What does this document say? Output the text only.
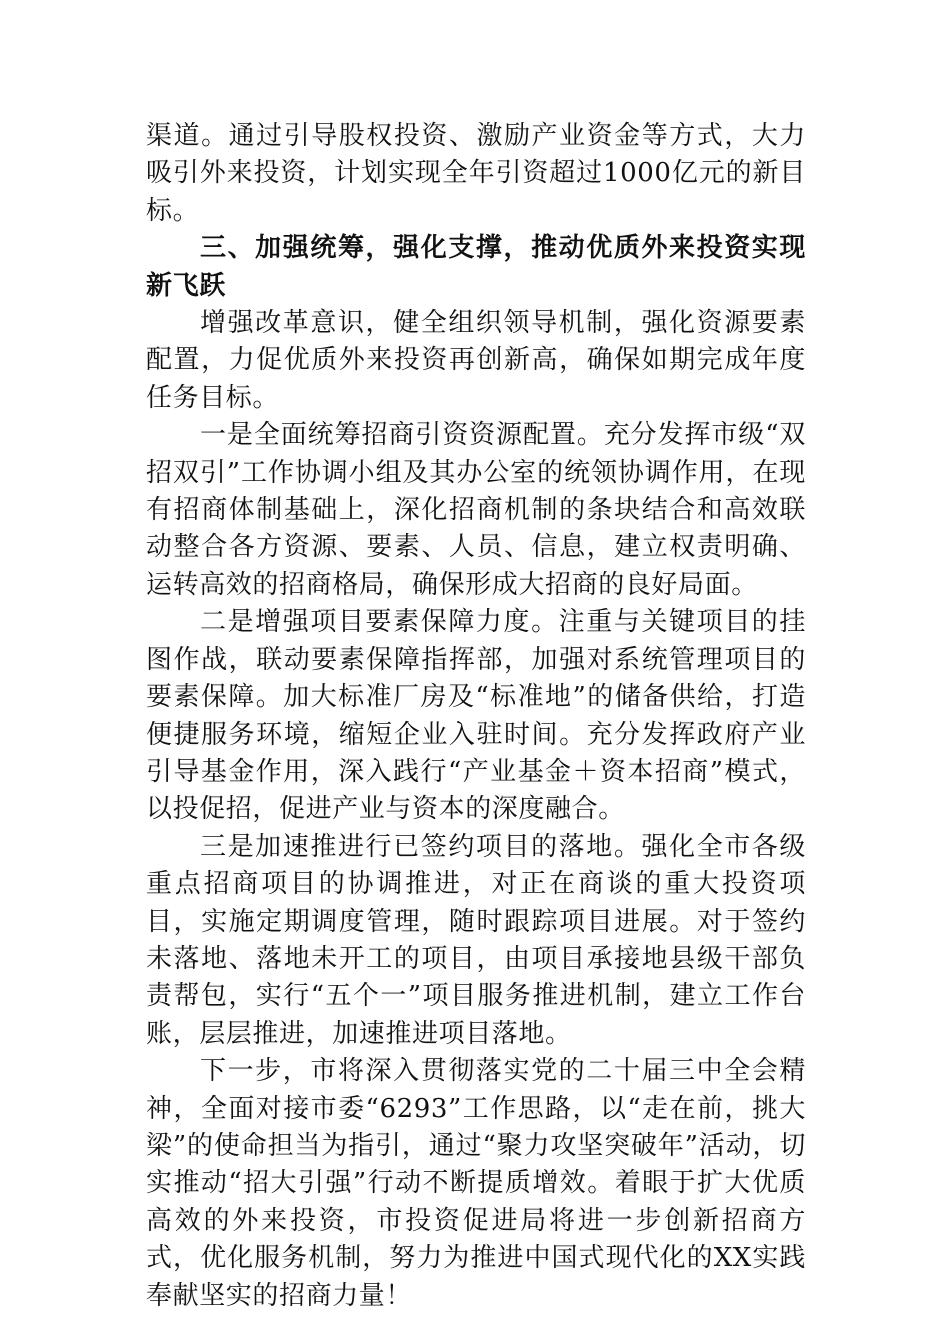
渠道。通过引导股权投资、激励产业资金等方式，大力吸引外来投资，计划实现全年引资超过1000亿元的新目标。

三、加强统筹，强化支撑，推动优质外来投资实现新飞跃

增强改革意识，健全组织领导机制，强化资源要素配置，力促优质外来投资再创新高，确保如期完成年度任务目标。

一是全面统筹招商引资资源配置。充分发挥市级“双招双引”工作协调小组及其办公室的统领协调作用，在现有招商体制基础上，深化招商机制的条块结合和高效联动整合各方资源、要素、人员、信息，建立权责明确、运转高效的招商格局，确保形成大招商的良好局面。

二是增强项目要素保障力度。注重与关键项目的挂图作战，联动要素保障指挥部，加强对系统管理项目的要素保障。加大标准厂房及“标准地”的储备供给，打造便捷服务环境，缩短企业入驻时间。充分发挥政府产业引导基金作用，深入践行“产业基金＋资本招商”模式，以投促招，促进产业与资本的深度融合。

三是加速推进行已签约项目的落地。强化全市各级重点招商项目的协调推进，对正在商谈的重大投资项目，实施定期调度管理，随时跟踪项目进展。对于签约未落地、落地未开工的项目，由项目承接地县级干部负责帮包，实行“五个一”项目服务推进机制，建立工作台账，层层推进，加速推进项目落地。

下一步，市将深入贯彻落实党的二十届三中全会精神，全面对接市委“6293”工作思路，以“走在前，挑大梁”的使命担当为指引，通过“聚力攻坚突破年”活动，切实推动“招大引强”行动不断提质增效。着眼于扩大优质高效的外来投资，市投资促进局将进一步创新招商方式，优化服务机制，努力为推进中国式现代化的XX实践奉献坚实的招商力量！
